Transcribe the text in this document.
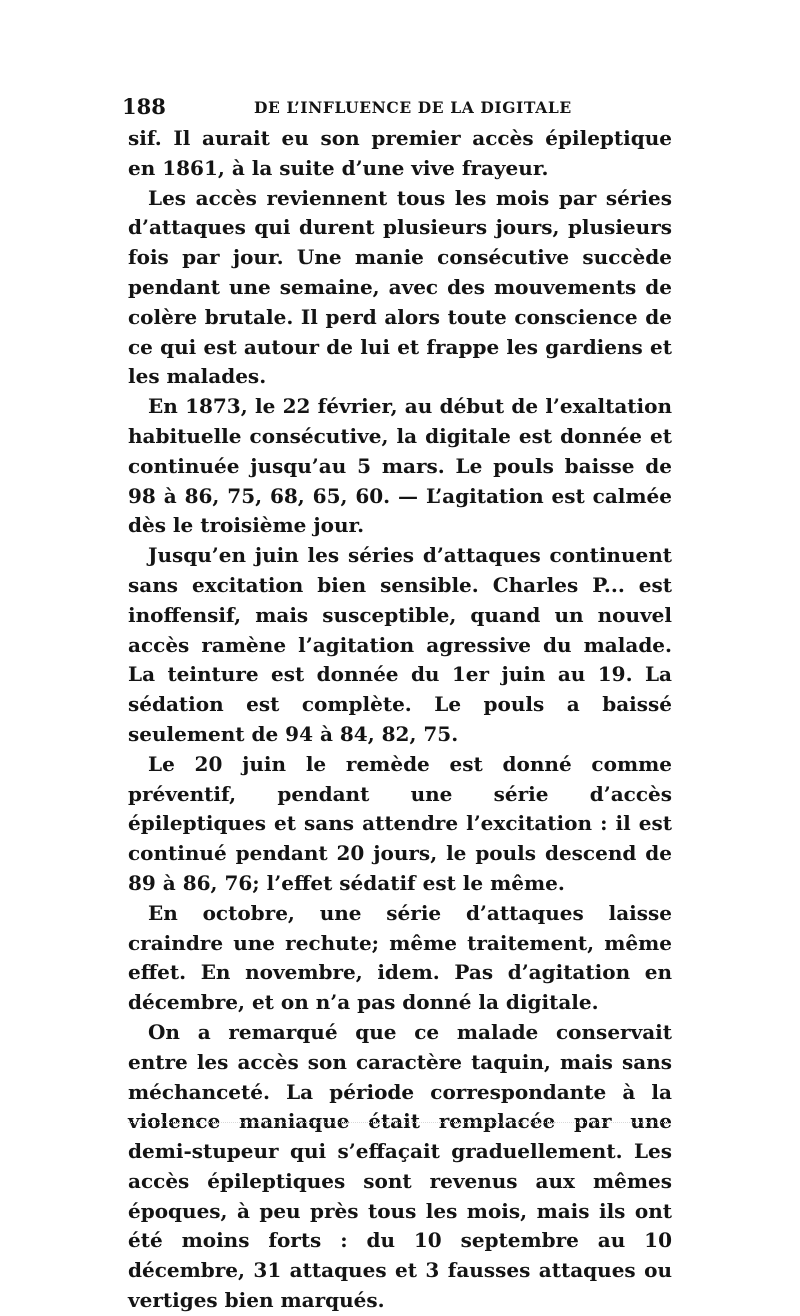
188	DE L’INFLUENCE DE LA DIGITALE

sif. Il aurait eu son premier accès épileptique en 1861, à la suite d’une vive frayeur.

Les accès reviennent tous les mois par séries d’attaques qui durent plusieurs jours, plusieurs fois par jour. Une manie consécutive succède pendant une semaine, avec des mouvements de colère brutale. Il perd alors toute conscience de ce qui est autour de lui et frappe les gardiens et les malades.

En 1873, le 22 février, au début de l’exaltation habituelle consécutive, la digitale est donnée et continuée jusqu’au 5 mars. Le pouls baisse de 98 à 86, 75, 68, 65, 60. — L’agitation est calmée dès le troisième jour.

Jusqu’en juin les séries d’attaques continuent sans excitation bien sensible. Charles P... est inoffensif, mais susceptible, quand un nouvel accès ramène l’agitation agressive du malade. La teinture est donnée du 1er juin au 19. La sédation est complète. Le pouls a baissé seulement de 94 à 84, 82, 75.

Le 20 juin le remède est donné comme préventif, pendant une série d’accès épileptiques et sans attendre l’excitation : il est continué pendant 20 jours, le pouls descend de 89 à 86, 76; l’effet sédatif est le même.

En octobre, une série d’attaques laisse craindre une rechute; même traitement, même effet. En novembre, idem. Pas d’agitation en décembre, et on n’a pas donné la digitale.

On a remarqué que ce malade conservait entre les accès son caractère taquin, mais sans méchanceté. La période correspondante à la violence maniaque était remplacée par une demi-stupeur qui s’effaçait graduellement. Les accès épileptiques sont revenus aux mêmes époques, à peu près tous les mois, mais ils ont été moins forts : du 10 septembre au 10 décembre, 31 attaques et 3 fausses attaques ou vertiges bien marqués.
